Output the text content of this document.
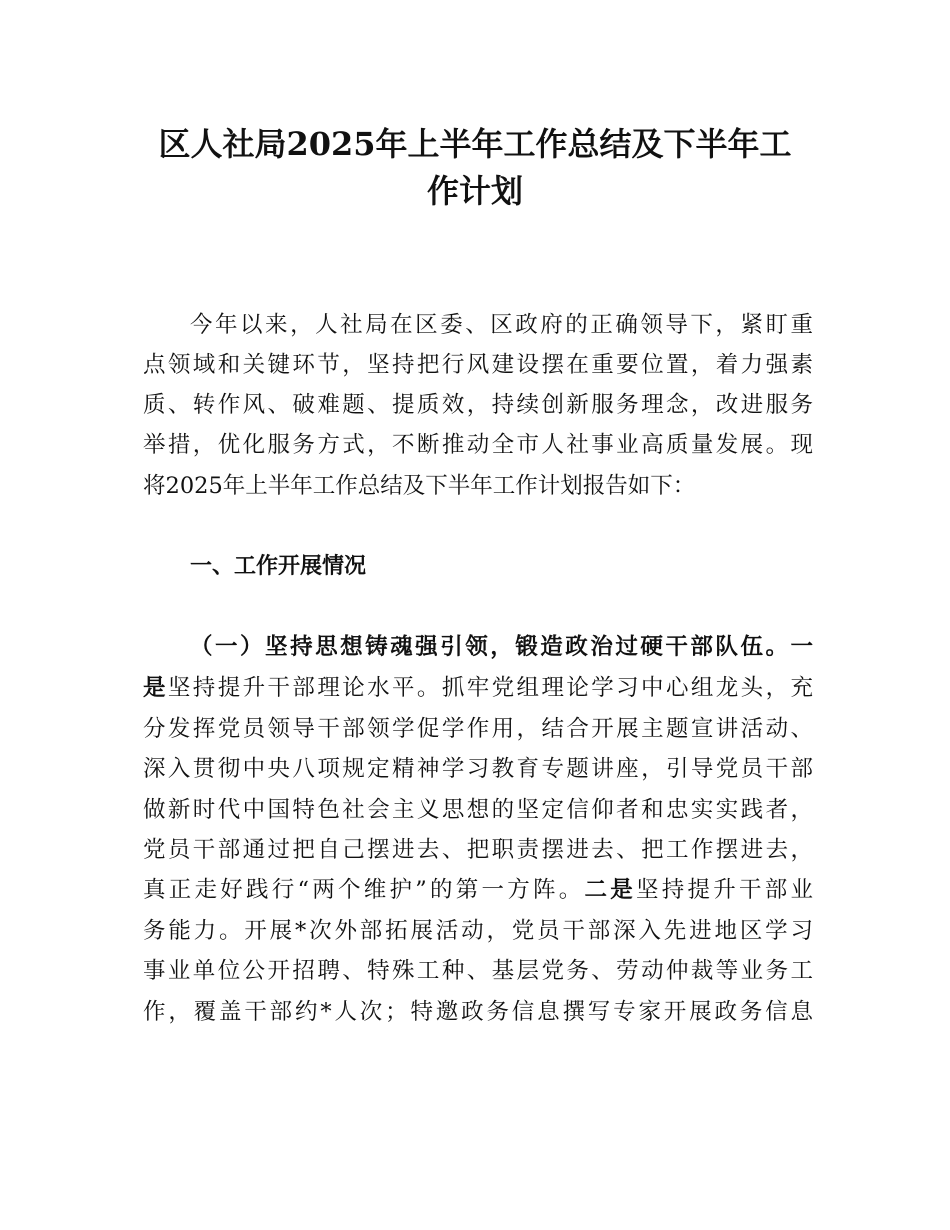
区人社局2025年上半年工作总结及下半年工
作计划
今年以来，人社局在区委、区政府的正确领导下，紧盯重
点领域和关键环节，坚持把行风建设摆在重要位置，着力强素
质、转作风、破难题、提质效，持续创新服务理念，改进服务
举措，优化服务方式，不断推动全市人社事业高质量发展。现
将2025年上半年工作总结及下半年工作计划报告如下：
一、工作开展情况
（一）坚持思想铸魂强引领，锻造政治过硬干部队伍。一
是坚持提升干部理论水平。抓牢党组理论学习中心组龙头，充
分发挥党员领导干部领学促学作用，结合开展主题宣讲活动、
深入贯彻中央八项规定精神学习教育专题讲座，引导党员干部
做新时代中国特色社会主义思想的坚定信仰者和忠实实践者，
党员干部通过把自己摆进去、把职责摆进去、把工作摆进去，
真正走好践行“两个维护”的第一方阵。二是坚持提升干部业
务能力。开展*次外部拓展活动，党员干部深入先进地区学习
事业单位公开招聘、特殊工种、基层党务、劳动仲裁等业务工
作，覆盖干部约*人次；特邀政务信息撰写专家开展政务信息
